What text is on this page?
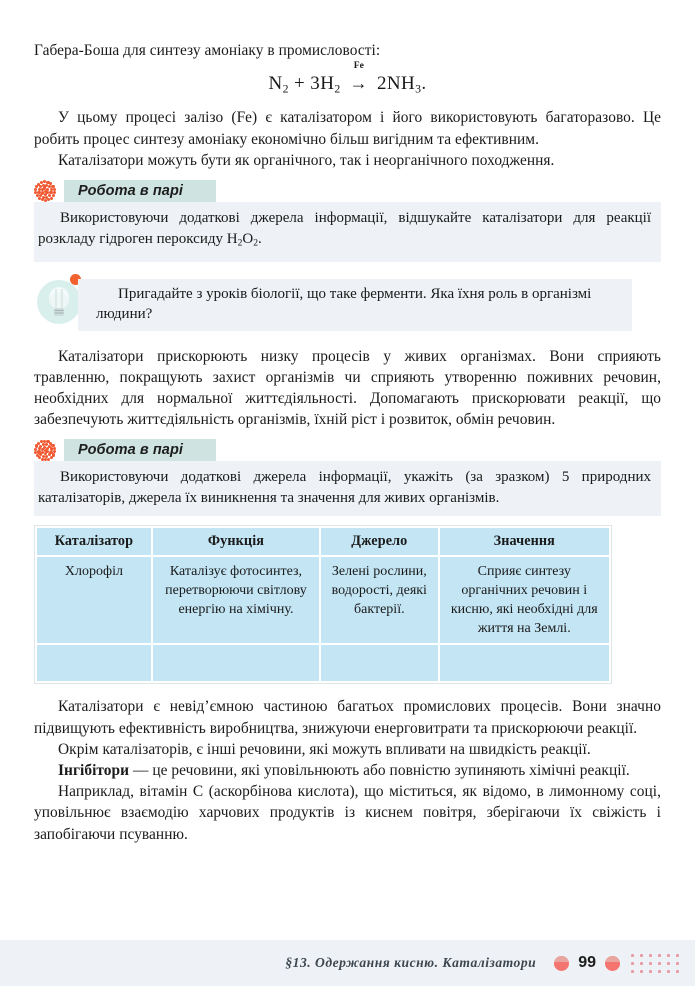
Габера-Боша для синтезу амоніаку в промисловості:

$N_2 + 3H_2$
Fe
→ $2NH_3$.

У цьому процесі залізо (Fe) є каталізатором і його використовують багаторазово. Це робить процес синтезу амоніаку економічно більш вигідним та ефективним.

Каталізатори можуть бути як органічного, так і неорганічного походження.

Робота в парі

Використовуючи додаткові джерела інформації, відшукайте каталізатори для реакції розкладу гідроген пероксиду $H_2O_2$.

Пригадайте з уроків біології, що таке ферменти. Яка їхня роль в організмі людини?

Каталізатори прискорюють низку процесів у живих організмах. Вони сприяють травленню, покращують захист організмів чи сприяють утворенню поживних речовин, необхідних для нормальної життєдіяльності. Допомагають прискорювати реакції, що забезпечують життєдіяльність організмів, їхній ріст і розвиток, обмін речовин.

Робота в парі

Використовуючи додаткові джерела інформації, укажіть (за зразком) 5 природних каталізаторів, джерела їх виникнення та значення для живих організмів.

Каталізатор	Функція	Джерело	Значення
Хлорофіл	Каталізує фотосинтез, перетворюючи світлову енергію на хімічну.	Зелені рослини, водорості, деякі бактерії.	Сприяє синтезу органічних речовин і кисню, які необхідні для життя на Землі.

Каталізатори є невід’ємною частиною багатьох промислових процесів. Вони значно підвищують ефективність виробництва, знижуючи енерговитрати та прискорюючи реакції.

Окрім каталізаторів, є інші речовини, які можуть впливати на швидкість реакції.

Інгібітори — це речовини, які уповільнюють або повністю зупиняють хімічні реакції.

Наприклад, вітамін С (аскорбінова кислота), що міститься, як відомо, в лимонному соці, уповільнює взаємодію харчових продуктів із киснем повітря, зберігаючи їх свіжість і запобігаючи псуванню.

§13. Одержання кисню. Каталізатори	99
